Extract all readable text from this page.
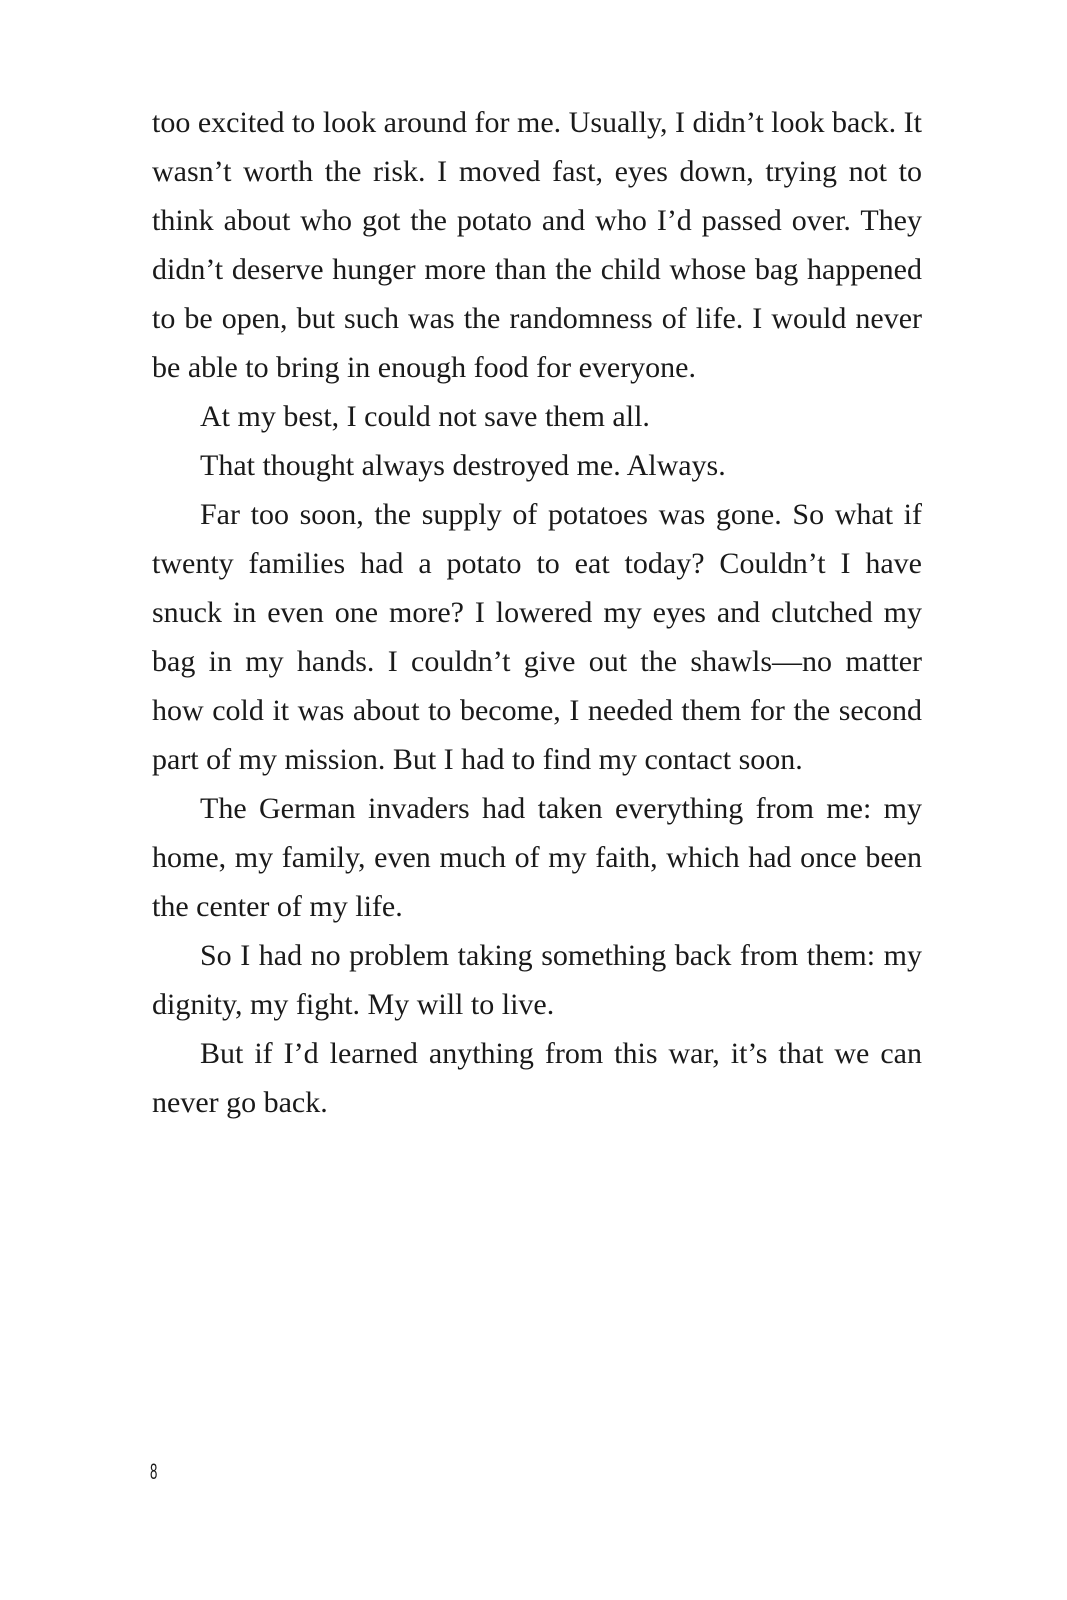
too excited to look around for me. Usually, I didn’t look back. It wasn’t worth the risk. I moved fast, eyes down, trying not to think about who got the potato and who I’d passed over. They didn’t deserve hunger more than the child whose bag happened to be open, but such was the randomness of life. I would never be able to bring in enough food for everyone.

At my best, I could not save them all.

That thought always destroyed me. Always.

Far too soon, the supply of potatoes was gone. So what if twenty families had a potato to eat today? Couldn’t I have snuck in even one more? I lowered my eyes and clutched my bag in my hands. I couldn’t give out the shawls—no matter how cold it was about to become, I needed them for the second part of my mission. But I had to find my contact soon.

The German invaders had taken everything from me: my home, my family, even much of my faith, which had once been the center of my life.

So I had no problem taking something back from them: my dignity, my fight. My will to live.

But if I’d learned anything from this war, it’s that we can never go back.

8
